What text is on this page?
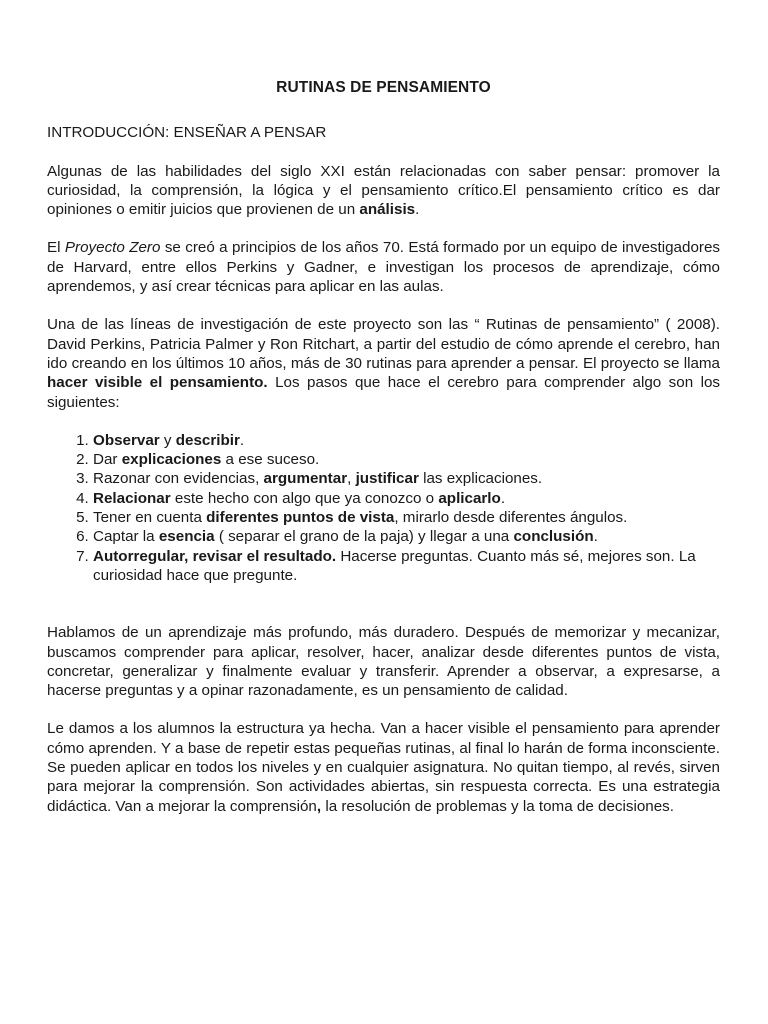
RUTINAS DE PENSAMIENTO
INTRODUCCIÓN: ENSEÑAR A PENSAR

Algunas de las habilidades del siglo XXI están relacionadas con saber pensar: promover la curiosidad, la comprensión, la lógica y el pensamiento crítico.El pensamiento crítico es dar opiniones o emitir juicios que provienen de un análisis.

El Proyecto Zero se creó a principios de los años 70. Está formado por un equipo de investigadores de Harvard, entre ellos Perkins y Gadner, e investigan los procesos de aprendizaje, cómo aprendemos, y así crear técnicas para aplicar en las aulas.

Una de las líneas de investigación de este proyecto son las “ Rutinas de pensamiento” ( 2008). David Perkins, Patricia Palmer y Ron Ritchart, a partir del estudio de cómo aprende el cerebro, han ido creando en los últimos 10 años, más de 30 rutinas para aprender a pensar. El proyecto se llama hacer visible el pensamiento. Los pasos que hace el cerebro para comprender algo son los siguientes:

1. Observar y describir.
2. Dar explicaciones a ese suceso.
3. Razonar con evidencias, argumentar, justificar las explicaciones.
4. Relacionar este hecho con algo que ya conozco o aplicarlo.
5. Tener en cuenta diferentes puntos de vista, mirarlo desde diferentes ángulos.
6. Captar la esencia ( separar el grano de la paja) y llegar a una conclusión.
7. Autorregular, revisar el resultado. Hacerse preguntas. Cuanto más sé, mejores son. La curiosidad hace que pregunte.

Hablamos de un aprendizaje más profundo, más duradero. Después de memorizar y mecanizar, buscamos comprender para aplicar, resolver, hacer, analizar desde diferentes puntos de vista, concretar, generalizar y finalmente evaluar y transferir. Aprender a observar, a expresarse, a hacerse preguntas y a opinar razonadamente, es un pensamiento de calidad.

Le damos a los alumnos la estructura ya hecha. Van a hacer visible el pensamiento para aprender cómo aprenden. Y a base de repetir estas pequeñas rutinas, al final lo harán de forma inconsciente. Se pueden aplicar en todos los niveles y en cualquier asignatura. No quitan tiempo, al revés, sirven para mejorar la comprensión. Son actividades abiertas, sin respuesta correcta. Es una estrategia didáctica. Van a mejorar la comprensión, la resolución de problemas y la toma de decisiones.
